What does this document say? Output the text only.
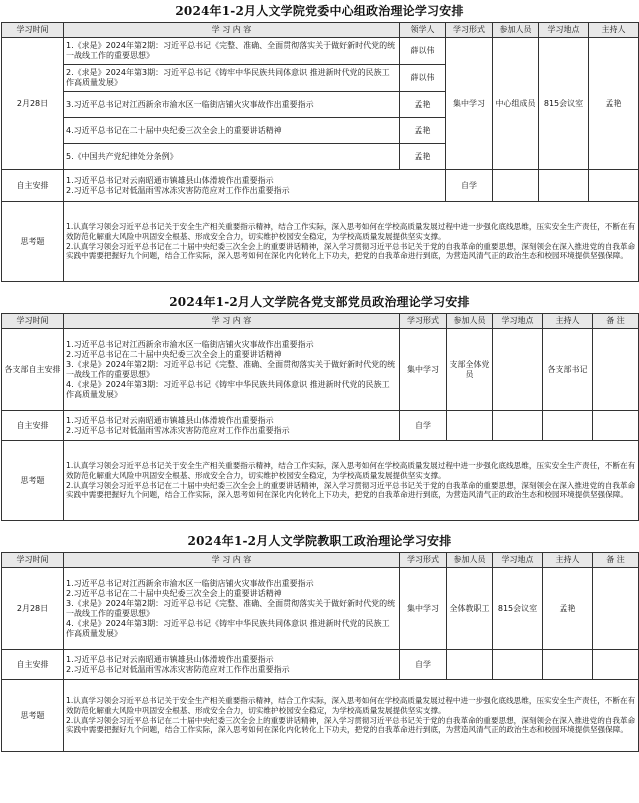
2024年1-2月人文学院党委中心组政治理论学习安排
学习时间	学 习 内 容	领学人	学习形式	参加人员	学习地点	主持人
2月28日	1.《求是》2024年第2期：习近平总书记《完整、准确、全面贯彻落实关于做好新时代党的统一战线工作的重要思想》	薛以伟	集中学习	中心组成员	815会议室	孟艳
	2.《求是》2024年第3期：习近平总书记《铸牢中华民族共同体意识 推进新时代党的民族工作高质量发展》	薛以伟				
	3.习近平总书记对江西新余市渝水区一临街店铺火灾事故作出重要指示	孟艳				
	4.习近平总书记在二十届中央纪委三次全会上的重要讲话精神	孟艳				
	5.《中国共产党纪律处分条例》	孟艳				
自主安排	1.习近平总书记对云南昭通市镇雄县山体滑坡作出重要指示
2.习近平总书记对低温雨雪冰冻灾害防范应对工作作出重要指示		自学			
思考题	1.认真学习领会习近平总书记关于安全生产相关重要指示精神，结合工作实际，深入思考如何在学校高质量发展过程中进一步强化底线思维，压实安全生产责任，不断在有效防范化解重大风险中巩固安全根基、形成安全合力，切实维护校园安全稳定，为学校高质量发展提供坚实支撑。
2.认真学习领会习近平总书记在二十届中央纪委三次全会上的重要讲话精神，深入学习贯彻习近平总书记关于党的自我革命的重要思想，深刻领会在深入推进党的自我革命实践中需要把握好九个问题，结合工作实际，深入思考如何在深化内化转化上下功夫，把党的自我革命进行到底，为营造风清气正的政治生态和校园环境提供坚强保障。					
2024年1-2月人文学院各党支部党员政治理论学习安排
学习时间	学 习 内 容	学习形式	参加人员	学习地点	主持人	备 注
各支部自主安排	1.习近平总书记对江西新余市渝水区一临街店铺火灾事故作出重要指示
2.习近平总书记在二十届中央纪委三次全会上的重要讲话精神
3.《求是》2024年第2期：习近平总书记《完整、准确、全面贯彻落实关于做好新时代党的统一战线工作的重要思想》
4.《求是》2024年第3期：习近平总书记《铸牢中华民族共同体意识 推进新时代党的民族工作高质量发展》	集中学习	支部全体党员		各支部书记	
自主安排	1.习近平总书记对云南昭通市镇雄县山体滑坡作出重要指示
2.习近平总书记对低温雨雪冰冻灾害防范应对工作作出重要指示	自学				
思考题	1.认真学习领会习近平总书记关于安全生产相关重要指示精神，结合工作实际，深入思考如何在学校高质量发展过程中进一步强化底线思维，压实安全生产责任，不断在有效防范化解重大风险中巩固安全根基、形成安全合力，切实维护校园安全稳定，为学校高质量发展提供坚实支撑。
2.认真学习领会习近平总书记在二十届中央纪委三次全会上的重要讲话精神，深入学习贯彻习近平总书记关于党的自我革命的重要思想，深刻领会在深入推进党的自我革命实践中需要把握好九个问题，结合工作实际，深入思考如何在深化内化转化上下功夫，把党的自我革命进行到底，为营造风清气正的政治生态和校园环境提供坚强保障。					
2024年1-2月人文学院教职工政治理论学习安排
学习时间	学 习 内 容	学习形式	参加人员	学习地点	主持人	备 注
2月28日	1.习近平总书记对江西新余市渝水区一临街店铺火灾事故作出重要指示
2.习近平总书记在二十届中央纪委三次全会上的重要讲话精神
3.《求是》2024年第2期：习近平总书记《完整、准确、全面贯彻落实关于做好新时代党的统一战线工作的重要思想》
4.《求是》2024年第3期：习近平总书记《铸牢中华民族共同体意识 推进新时代党的民族工作高质量发展》	集中学习	全体教职工	815会议室	孟艳	
自主安排	1.习近平总书记对云南昭通市镇雄县山体滑坡作出重要指示
2.习近平总书记对低温雨雪冰冻灾害防范应对工作作出重要指示	自学				
思考题	1.认真学习领会习近平总书记关于安全生产相关重要指示精神，结合工作实际，深入思考如何在学校高质量发展过程中进一步强化底线思维，压实安全生产责任，不断在有效防范化解重大风险中巩固安全根基、形成安全合力，切实维护校园安全稳定，为学校高质量发展提供坚实支撑。
2.认真学习领会习近平总书记在二十届中央纪委三次全会上的重要讲话精神，深入学习贯彻习近平总书记关于党的自我革命的重要思想，深刻领会在深入推进党的自我革命实践中需要把握好九个问题，结合工作实际，深入思考如何在深化内化转化上下功夫，把党的自我革命进行到底，为营造风清气正的政治生态和校园环境提供坚强保障。					
